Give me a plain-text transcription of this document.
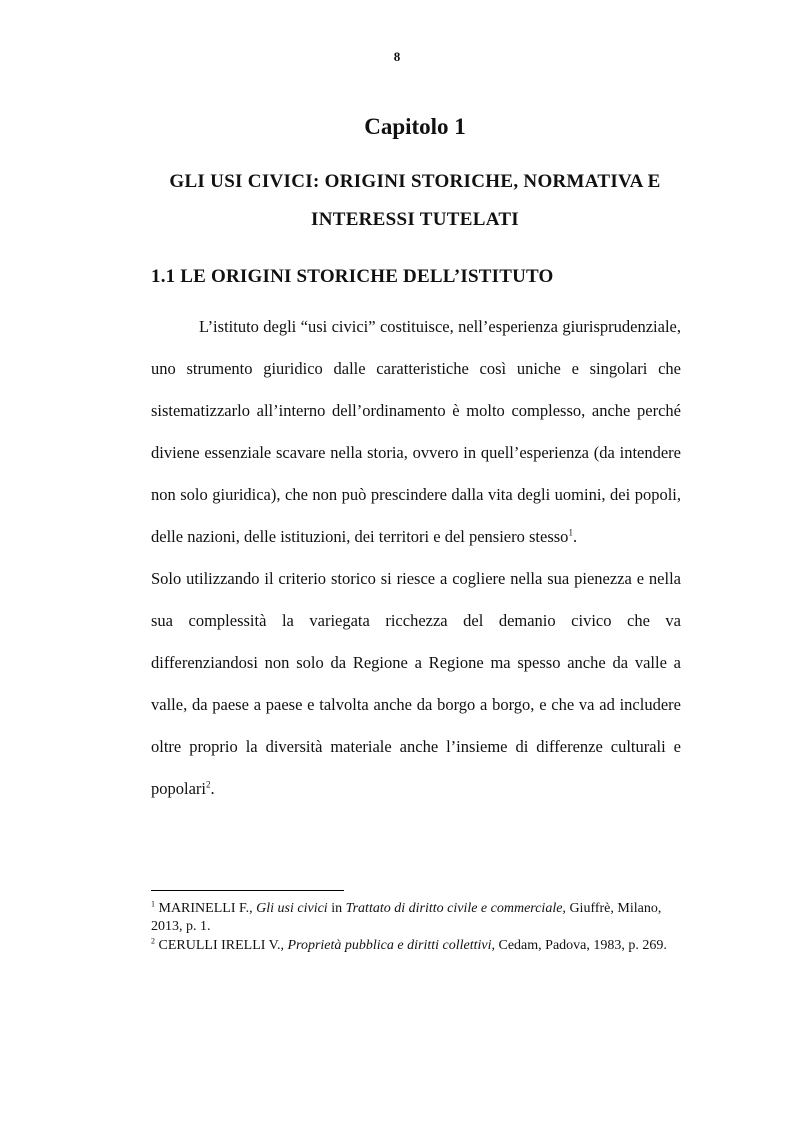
8
Capitolo 1
GLI USI CIVICI: ORIGINI STORICHE, NORMATIVA E INTERESSI TUTELATI
1.1 LE ORIGINI STORICHE DELL’ISTITUTO

L’istituto degli “usi civici” costituisce, nell’esperienza giurisprudenziale, uno strumento giuridico dalle caratteristiche così uniche e singolari che sistematizzarlo all’interno dell’ordinamento è molto complesso, anche perché diviene essenziale scavare nella storia, ovvero in quell’esperienza (da intendere non solo giuridica), che non può prescindere dalla vita degli uomini, dei popoli, delle nazioni, delle istituzioni, dei territori e del pensiero stesso$^1$.

Solo utilizzando il criterio storico si riesce a cogliere nella sua pienezza e nella sua complessità la variegata ricchezza del demanio civico che va differenziandosi non solo da Regione a Regione ma spesso anche da valle a valle, da paese a paese e talvolta anche da borgo a borgo, e che va ad includere oltre proprio la diversità materiale anche l’insieme di differenze culturali e popolari$^2$.

$^1$ MARINELLI F., Gli usi civici in Trattato di diritto civile e commerciale, Giuffrè, Milano, 2013, p. 1.

$^2$ CERULLI IRELLI V., Proprietà pubblica e diritti collettivi, Cedam, Padova, 1983, p. 269.
